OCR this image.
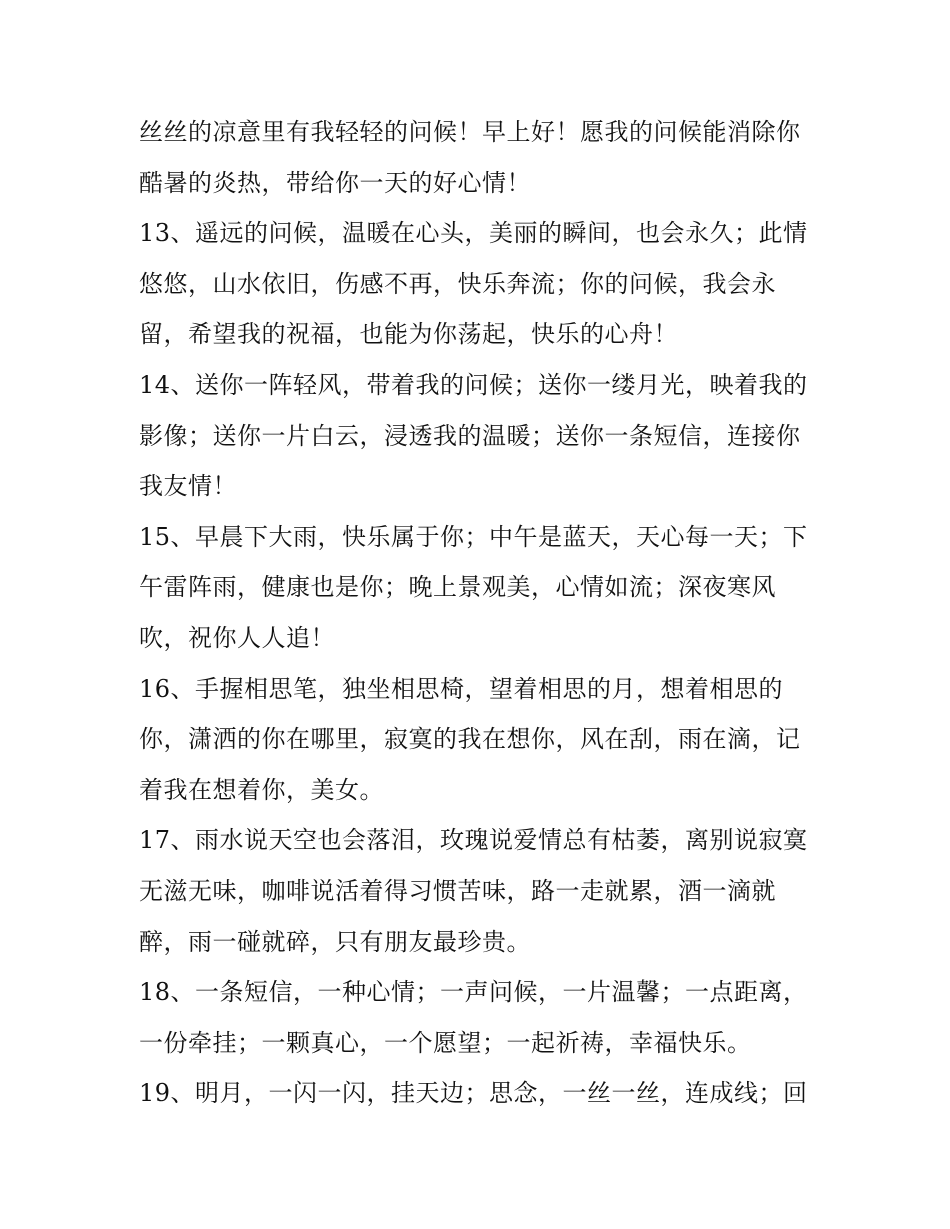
丝丝的凉意里有我轻轻的问候！早上好！愿我的问候能消除你
酷暑的炎热，带给你一天的好心情！
13、遥远的问候，温暖在心头，美丽的瞬间，也会永久；此情
悠悠，山水依旧，伤感不再，快乐奔流；你的问候，我会永
留，希望我的祝福，也能为你荡起，快乐的心舟！
14、送你一阵轻风，带着我的问候；送你一缕月光，映着我的
影像；送你一片白云，浸透我的温暖；送你一条短信，连接你
我友情！
15、早晨下大雨，快乐属于你；中午是蓝天，天心每一天；下
午雷阵雨，健康也是你；晚上景观美，心情如流；深夜寒风
吹，祝你人人追！
16、手握相思笔，独坐相思椅，望着相思的月，想着相思的
你，潇洒的你在哪里，寂寞的我在想你，风在刮，雨在滴，记
着我在想着你，美女。
17、雨水说天空也会落泪，玫瑰说爱情总有枯萎，离别说寂寞
无滋无味，咖啡说活着得习惯苦味，路一走就累，酒一滴就
醉，雨一碰就碎，只有朋友最珍贵。
18、一条短信，一种心情；一声问候，一片温馨；一点距离，
一份牵挂；一颗真心，一个愿望；一起祈祷，幸福快乐。
19、明月，一闪一闪，挂天边；思念，一丝一丝，连成线；回
